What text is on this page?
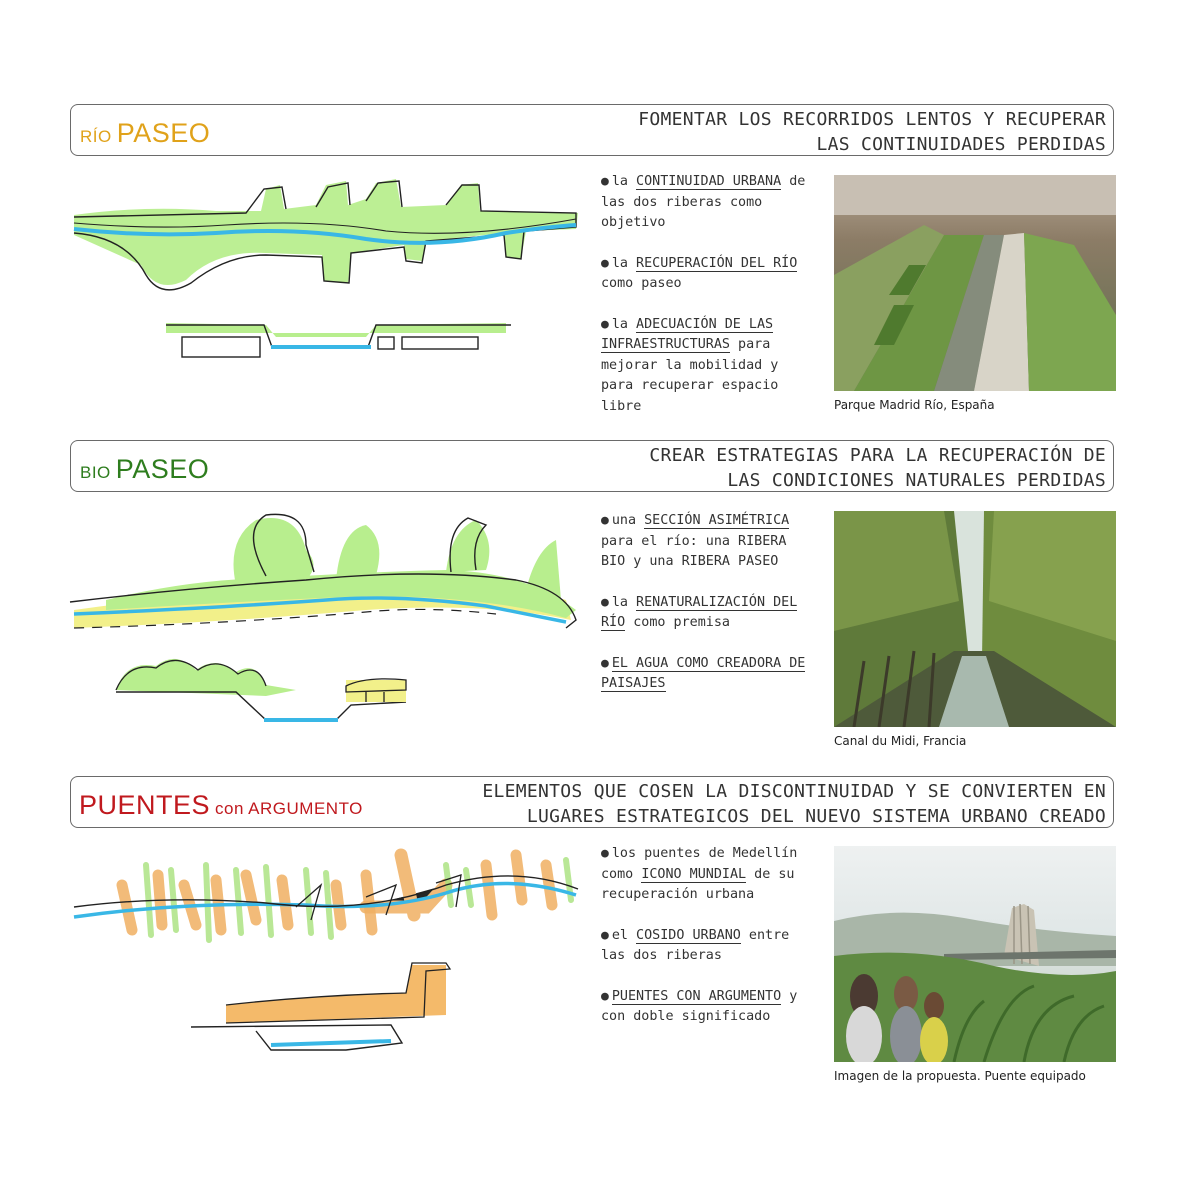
RÍO PASEO	FOMENTAR LOS RECORRIDOS LENTOS Y RECUPERAR
LAS CONTINUIDADES PERDIDAS
● la CONTINUIDAD URBANA de las dos riberas como objetivo
● la RECUPERACIÓN DEL RÍO como paseo
● la ADECUACIÓN DE LAS INFRAESTRUCTURAS para mejorar la mobilidad y para recuperar espacio libre	Parque Madrid Río, España
BIO PASEO	CREAR ESTRATEGIAS PARA LA RECUPERACIÓN DE
LAS CONDICIONES NATURALES PERDIDAS
● una SECCIÓN ASIMÉTRICA para el río: una RIBERA BIO y una RIBERA PASEO
● la RENATURALIZACIÓN DEL RÍO como premisa
● EL AGUA COMO CREADORA DE PAISAJES
Canal du Midi, Francia
PUENTES con ARGUMENTO
ELEMENTOS QUE COSEN LA DISCONTINUIDAD Y SE CONVIERTEN EN
LUGARES ESTRATEGICOS DEL NUEVO SISTEMA URBANO CREADO
● los puentes de Medellín como ICONO MUNDIAL de su recuperación urbana
● el COSIDO URBANO entre las dos riberas
● PUENTES CON ARGUMENTO y con doble significado
Imagen de la propuesta. Puente equipado
